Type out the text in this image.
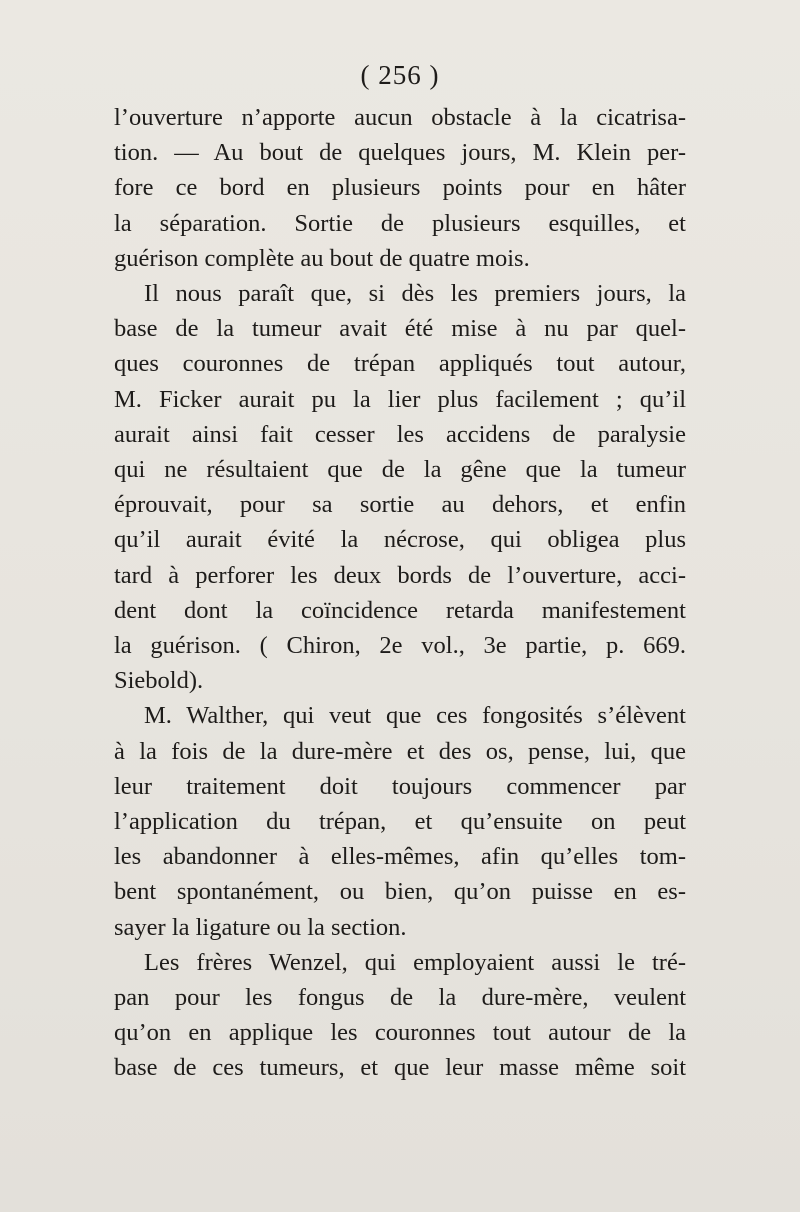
( 256 )

l’ouverture n’apporte aucun obstacle à la cicatrisa-

tion. — Au bout de quelques jours, M. Klein per-

fore ce bord en plusieurs points pour en hâter

la séparation. Sortie de plusieurs esquilles, et

guérison complète au bout de quatre mois.

Il nous paraît que, si dès les premiers jours, la

base de la tumeur avait été mise à nu par quel-

ques couronnes de trépan appliqués tout autour,

M. Ficker aurait pu la lier plus facilement ; qu’il

aurait ainsi fait cesser les accidens de paralysie

qui ne résultaient que de la gêne que la tumeur

éprouvait, pour sa sortie au dehors, et enfin

qu’il aurait évité la nécrose, qui obligea plus

tard à perforer les deux bords de l’ouverture, acci-

dent dont la coïncidence retarda manifestement

la guérison. ( Chiron, 2e vol., 3e partie, p. 669.

Siebold).

M. Walther, qui veut que ces fongosités s’élèvent

à la fois de la dure-mère et des os, pense, lui, que

leur traitement doit toujours commencer par

l’application du trépan, et qu’ensuite on peut

les abandonner à elles-mêmes, afin qu’elles tom-

bent spontanément, ou bien, qu’on puisse en es-

sayer la ligature ou la section.

Les frères Wenzel, qui employaient aussi le tré-

pan pour les fongus de la dure-mère, veulent

qu’on en applique les couronnes tout autour de la

base de ces tumeurs, et que leur masse même soit
